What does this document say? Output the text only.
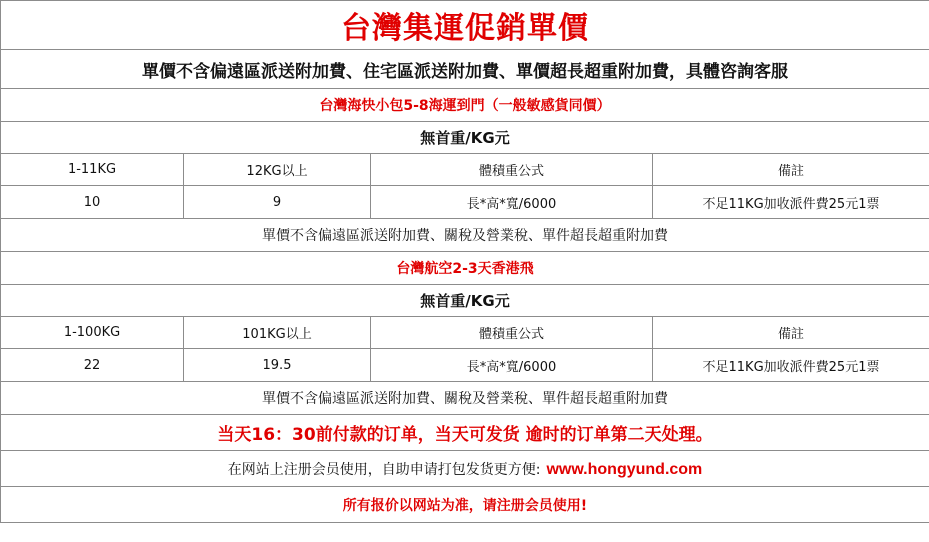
台灣集運促銷單價			
單價不含偏遠區派送附加費、住宅區派送附加費、單價超長超重附加費，具體咨詢客服			
台灣海快小包5-8海運到門（一般敏感貨同價）			
無首重/KG元			
1-11KG	12KG以上	體積重公式	備註
10	9	長*高*寬/6000	不足11KG加收派件費25元1票
單價不含偏遠區派送附加費、關稅及營業稅、單件超長超重附加費			
台灣航空2-3天香港飛			
無首重/KG元			
1-100KG	101KG以上	體積重公式	備註
22	19.5	長*高*寬/6000	不足11KG加收派件費25元1票
單價不含偏遠區派送附加費、關稅及營業稅、單件超長超重附加費			
当天16：30前付款的订单，当天可发货 逾时的订单第二天处理。			
在网站上注册会员使用，自助申请打包发货更方便: www.hongyund.com			
所有报价以网站为准，请注册会员使用!			
